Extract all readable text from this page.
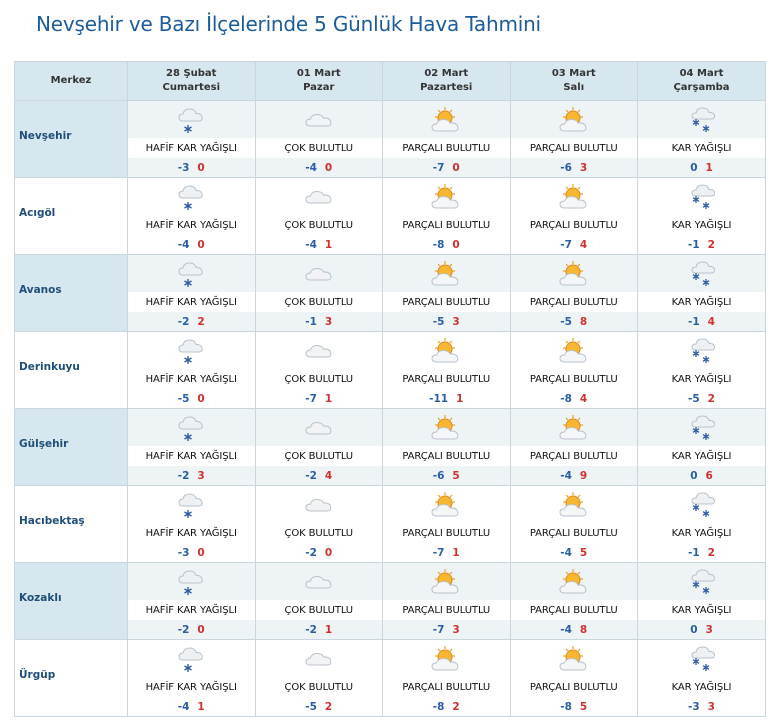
Nevşehir ve Bazı İlçelerinde 5 Günlük Hava Tahmini
Merkez
28 Şubat
Cumartesi
01 Mart
Pazar
02 Mart
Pazartesi
03 Mart
Salı
04 Mart
Çarşamba
Nevşehir
HAFİF KAR YAĞIŞLI
-3 0
ÇOK BULUTLU
-4 0
PARÇALI BULUTLU
-7 0
PARÇALI BULUTLU
-6 3
KAR YAĞIŞLI
0 1
Acıgöl
HAFİF KAR YAĞIŞLI
-4 0
ÇOK BULUTLU
-4 1
PARÇALI BULUTLU
-8 0
PARÇALI BULUTLU
-7 4
KAR YAĞIŞLI
-1 2
Avanos
HAFİF KAR YAĞIŞLI
-2 2
ÇOK BULUTLU
-1 3
PARÇALI BULUTLU
-5 3
PARÇALI BULUTLU
-5 8
KAR YAĞIŞLI
-1 4
Derinkuyu
HAFİF KAR YAĞIŞLI
-5 0
ÇOK BULUTLU
-7 1
PARÇALI BULUTLU
-11 1
PARÇALI BULUTLU
-8 4
KAR YAĞIŞLI
-5 2
Gülşehir
HAFİF KAR YAĞIŞLI
-2 3
ÇOK BULUTLU
-2 4
PARÇALI BULUTLU
-6 5
PARÇALI BULUTLU
-4 9
KAR YAĞIŞLI
0 6
Hacıbektaş
HAFİF KAR YAĞIŞLI
-3 0
ÇOK BULUTLU
-2 0
PARÇALI BULUTLU
-7 1
PARÇALI BULUTLU
-4 5
KAR YAĞIŞLI
-1 2
Kozaklı
HAFİF KAR YAĞIŞLI
-2 0
ÇOK BULUTLU
-2 1
PARÇALI BULUTLU
-7 3
PARÇALI BULUTLU
-4 8
KAR YAĞIŞLI
0 3
Ürgüp
HAFİF KAR YAĞIŞLI
-4 1
ÇOK BULUTLU
-5 2
PARÇALI BULUTLU
-8 2
PARÇALI BULUTLU
-8 5
KAR YAĞIŞLI
-3 3
